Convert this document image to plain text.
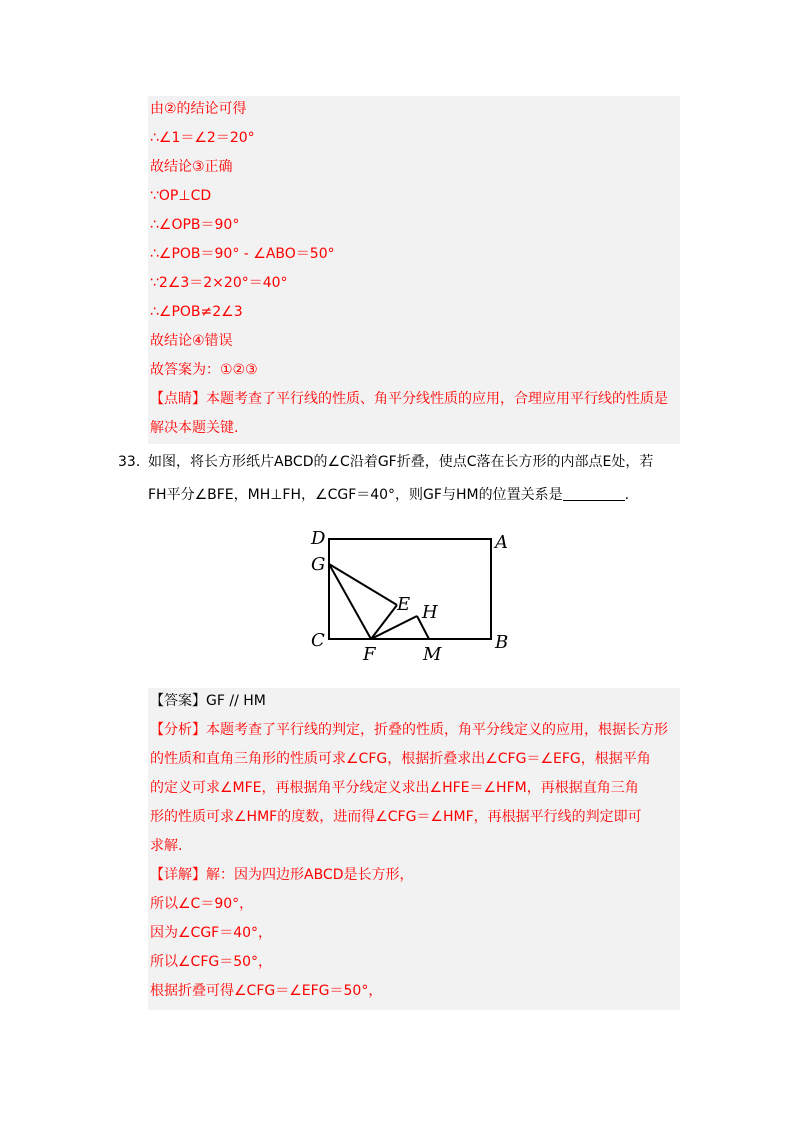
由②的结论可得
∴∠1＝∠2＝20°
故结论③正确
∵OP⊥CD
∴∠OPB＝90°
∴∠POB＝90° - ∠ABO＝50°
∵2∠3＝2×20°＝40°
∴∠POB≠2∠3
故结论④错误
故答案为：①②③
【点睛】本题考查了平行线的性质、角平分线性质的应用，合理应用平行线的性质是
解决本题关键.
33．
如图，将长方形纸片ABCD的∠C沿着GF折叠，使点C落在长方形的内部点E处，若
FH平分∠BFE，MH⊥FH，∠CGF＝40°，则GF与HM的位置关系是	.
D	A
G
E H
C
F	M
B
【答案】GF // HM
【分析】本题考查了平行线的判定，折叠的性质，角平分线定义的应用，根据长方形
的性质和直角三角形的性质可求∠CFG，根据折叠求出∠CFG＝∠EFG，根据平角
的定义可求∠MFE，再根据角平分线定义求出∠HFE＝∠HFM，再根据直角三角
形的性质可求∠HMF的度数，进而得∠CFG＝∠HMF，再根据平行线的判定即可
求解.
【详解】解：因为四边形ABCD是长方形，
所以∠C＝90°，
因为∠CGF＝40°，
所以∠CFG＝50°，
根据折叠可得∠CFG＝∠EFG＝50°，
